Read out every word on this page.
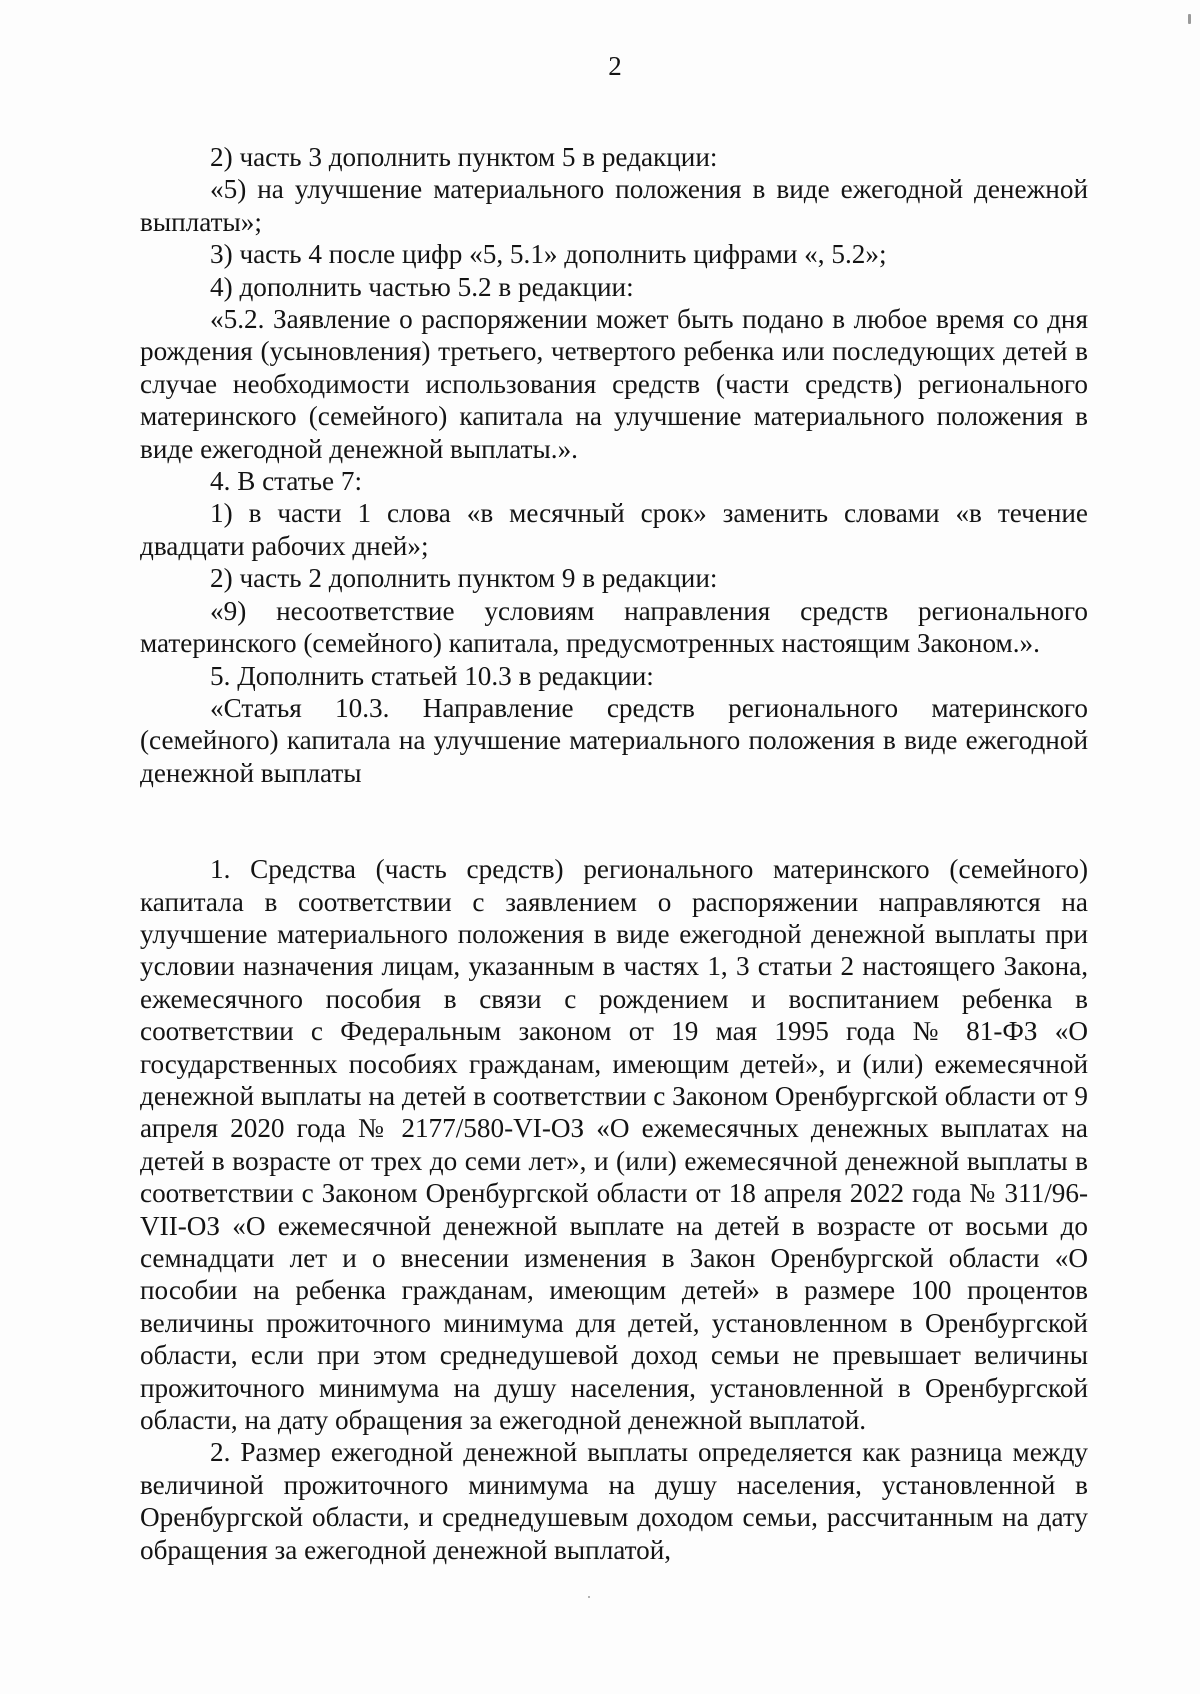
2

2) часть 3 дополнить пунктом 5 в редакции:

«5) на улучшение материального положения в виде ежегодной денежной выплаты»;

3) часть 4 после цифр «5, 5.1» дополнить цифрами «, 5.2»;

4) дополнить частью 5.2 в редакции:

«5.2. Заявление о распоряжении может быть подано в любое время со дня рождения (усыновления) третьего, четвертого ребенка или последующих детей в случае необходимости использования средств (части средств) регионального материнского (семейного) капитала на улучшение материального положения в виде ежегодной денежной выплаты.».

4. В статье 7:

1) в части 1 слова «в месячный срок» заменить словами «в течение двадцати рабочих дней»;

2) часть 2 дополнить пунктом 9 в редакции:

«9) несоответствие условиям направления средств регионального материнского (семейного) капитала, предусмотренных настоящим Законом.».

5. Дополнить статьей 10.3 в редакции:

«Статья 10.3. Направление средств регионального материнского (семейного) капитала на улучшение материального положения в виде ежегодной денежной выплаты

1. Средства (часть средств) регионального материнского (семейного) капитала в соответствии с заявлением о распоряжении направляются на улучшение материального положения в виде ежегодной денежной выплаты при условии назначения лицам, указанным в частях 1, 3 статьи 2 настоящего Закона, ежемесячного пособия в связи с рождением и воспитанием ребенка в соответствии с Федеральным законом от 19 мая 1995 года № 81-ФЗ «О государственных пособиях гражданам, имеющим детей», и (или) ежемесячной денежной выплаты на детей в соответствии с Законом Оренбургской области от 9 апреля 2020 года № 2177/580-VI-ОЗ «О ежемесячных денежных выплатах на детей в возрасте от трех до семи лет», и (или) ежемесячной денежной выплаты в соответствии с Законом Оренбургской области от 18 апреля 2022 года № 311/96-VII-ОЗ «О ежемесячной денежной выплате на детей в возрасте от восьми до семнадцати лет и о внесении изменения в Закон Оренбургской области «О пособии на ребенка гражданам, имеющим детей» в размере 100 процентов величины прожиточного минимума для детей, установленном в Оренбургской области, если при этом среднедушевой доход семьи не превышает величины прожиточного минимума на душу населения, установленной в Оренбургской области, на дату обращения за ежегодной денежной выплатой.

2. Размер ежегодной денежной выплаты определяется как разница между величиной прожиточного минимума на душу населения, установленной в Оренбургской области, и среднедушевым доходом семьи, рассчитанным на дату обращения за ежегодной денежной выплатой,
